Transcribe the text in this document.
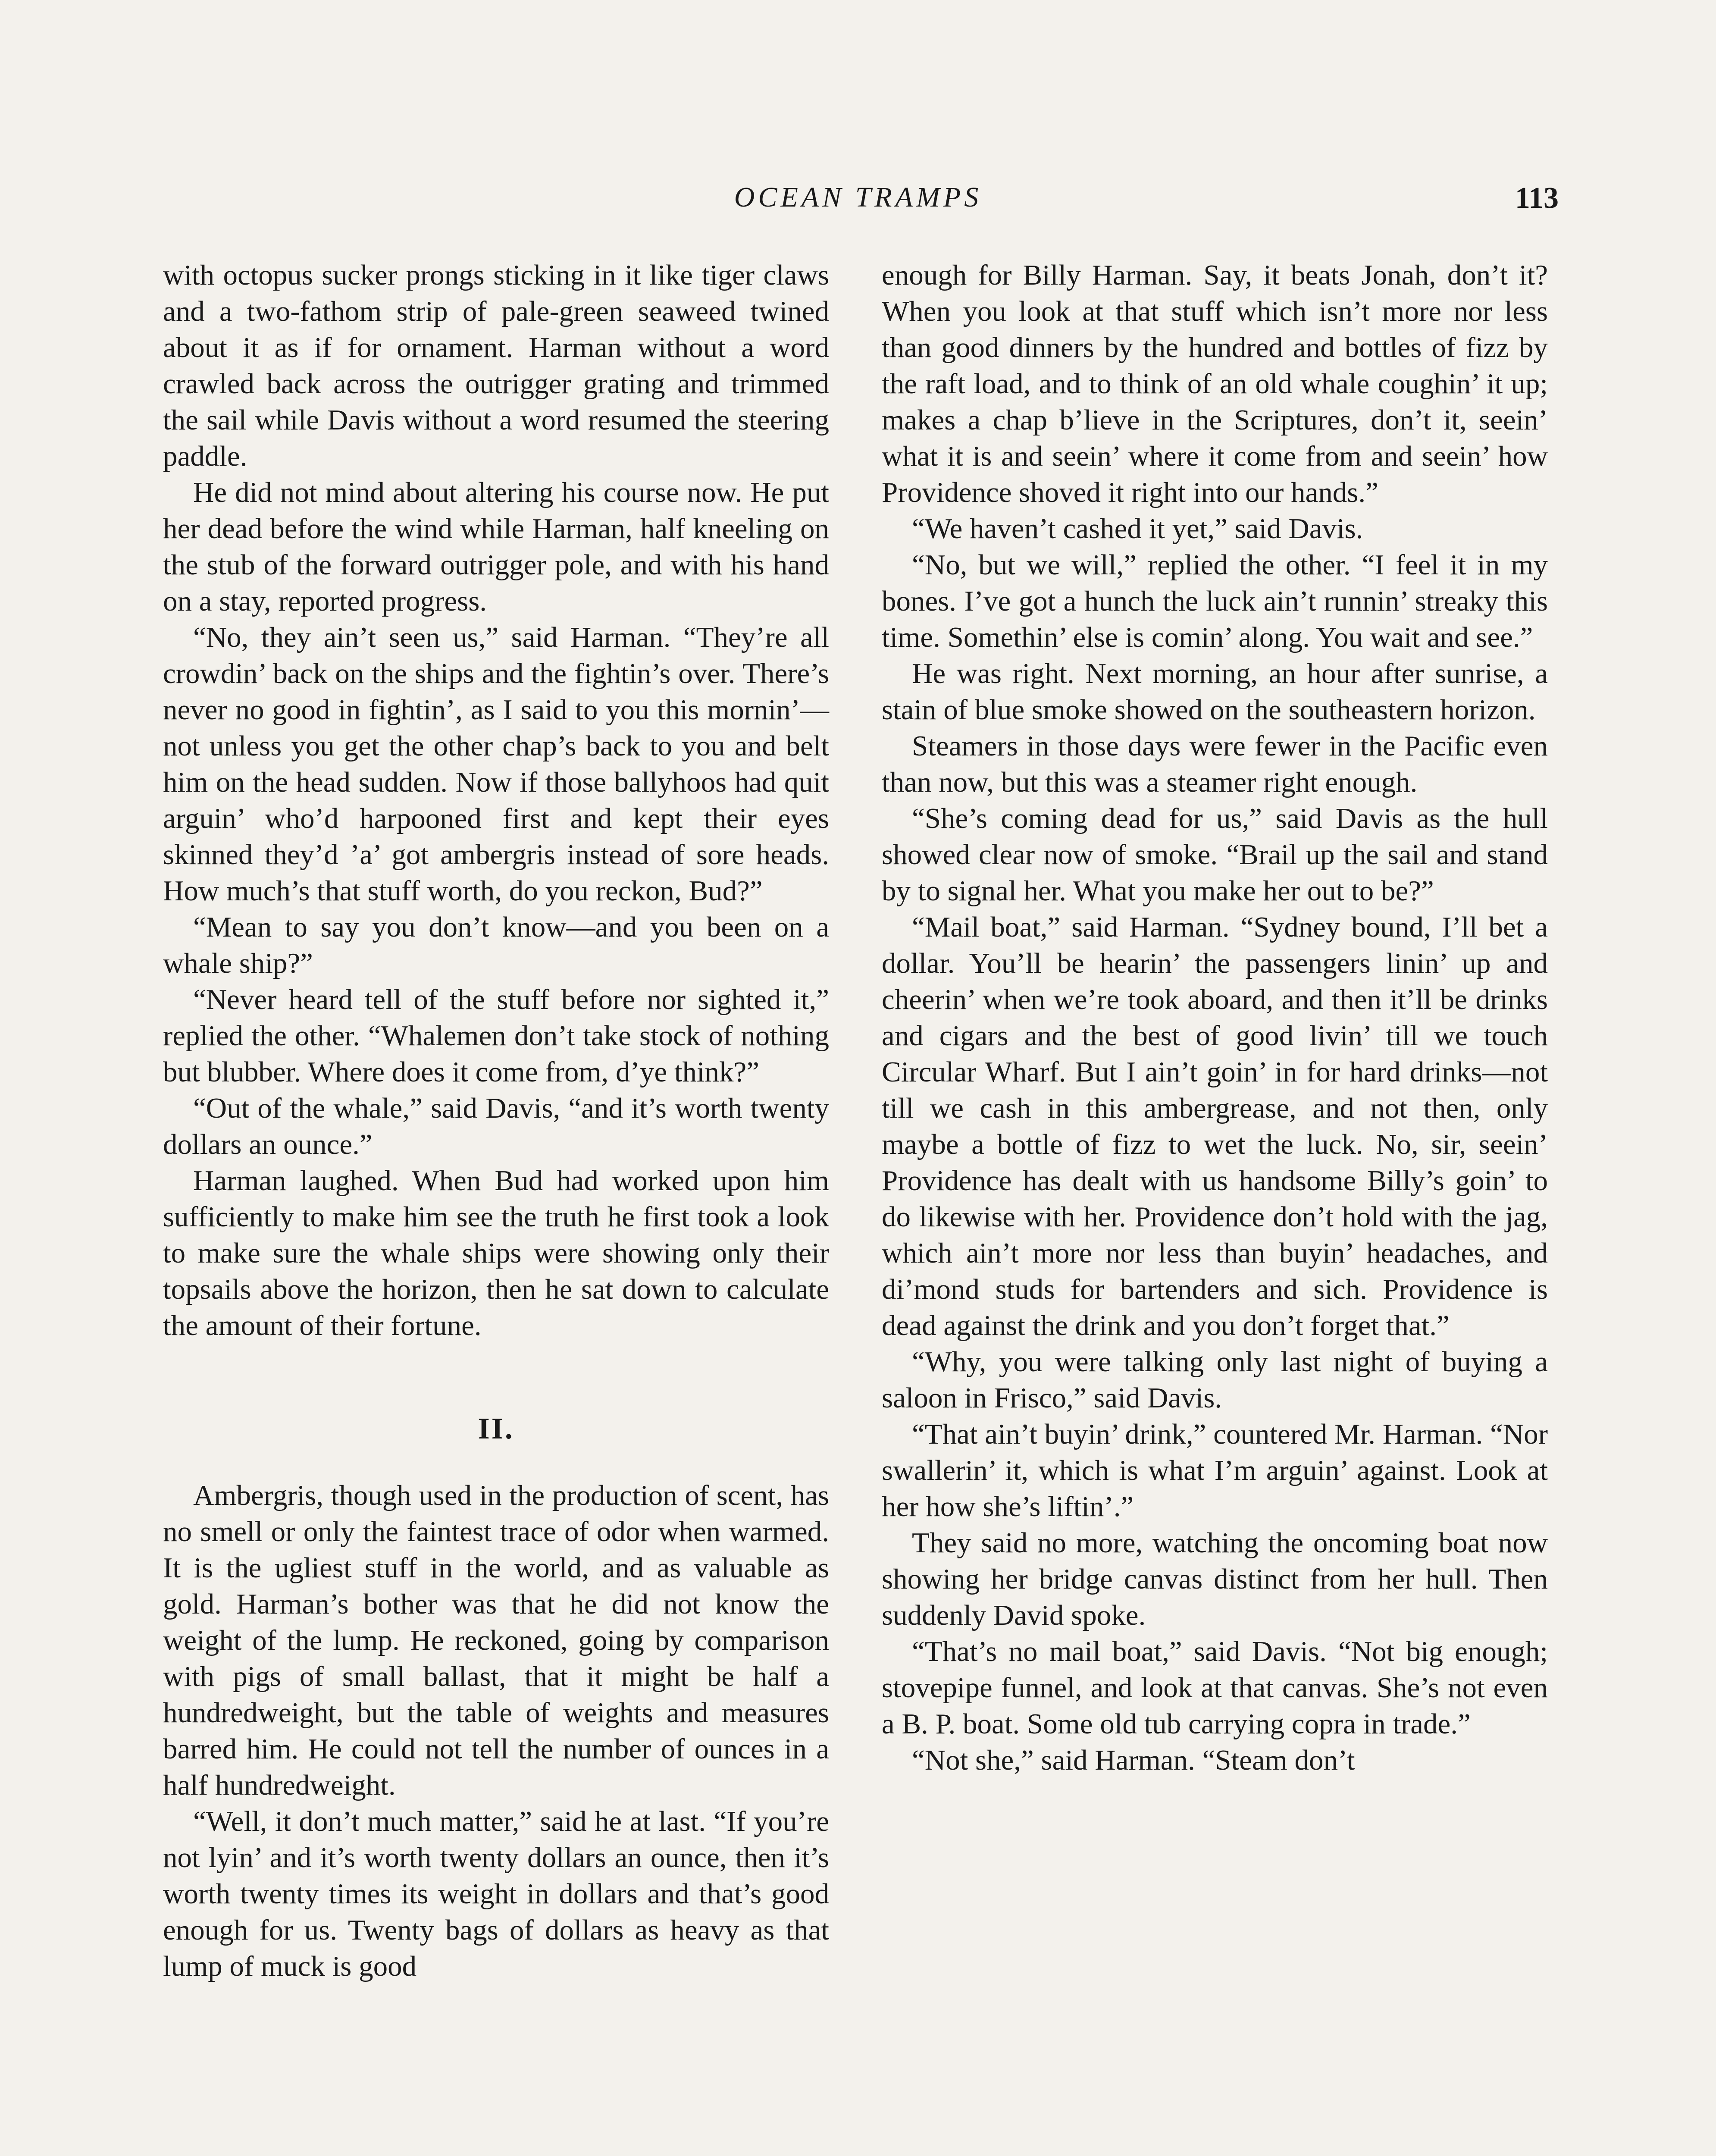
OCEAN TRAMPS	113

with octopus sucker prongs sticking in it like tiger claws and a two-fathom strip of pale-green seaweed twined about it as if for ornament. Harman without a word crawled back across the outrigger grating and trimmed the sail while Davis without a word resumed the steering paddle.

He did not mind about altering his course now. He put her dead before the wind while Harman, half kneeling on the stub of the forward outrigger pole, and with his hand on a stay, reported progress.

“No, they ain’t seen us,” said Harman. “They’re all crowdin’ back on the ships and the fightin’s over. There’s never no good in fightin’, as I said to you this mornin’—not unless you get the other chap’s back to you and belt him on the head sudden. Now if those ballyhoos had quit arguin’ who’d harpooned first and kept their eyes skinned they’d ’a’ got ambergris instead of sore heads. How much’s that stuff worth, do you reckon, Bud?”

“Mean to say you don’t know—and you been on a whale ship?”

“Never heard tell of the stuff before nor sighted it,” replied the other. “Whalemen don’t take stock of nothing but blubber. Where does it come from, d’ye think?”

“Out of the whale,” said Davis, “and it’s worth twenty dollars an ounce.”

Harman laughed. When Bud had worked upon him sufficiently to make him see the truth he first took a look to make sure the whale ships were showing only their topsails above the horizon, then he sat down to calculate the amount of their fortune.

II.

Ambergris, though used in the production of scent, has no smell or only the faintest trace of odor when warmed. It is the ugliest stuff in the world, and as valuable as gold. Harman’s bother was that he did not know the weight of the lump. He reckoned, going by comparison with pigs of small ballast, that it might be half a hundredweight, but the table of weights and measures barred him. He could not tell the number of ounces in a half hundredweight.

“Well, it don’t much matter,” said he at last. “If you’re not lyin’ and it’s worth twenty dollars an ounce, then it’s worth twenty times its weight in dollars and that’s good enough for us. Twenty bags of dollars as heavy as that lump of muck is good

enough for Billy Harman. Say, it beats Jonah, don’t it? When you look at that stuff which isn’t more nor less than good dinners by the hundred and bottles of fizz by the raft load, and to think of an old whale coughin’ it up; makes a chap b’lieve in the Scriptures, don’t it, seein’ what it is and seein’ where it come from and seein’ how Providence shoved it right into our hands.”

“We haven’t cashed it yet,” said Davis.

“No, but we will,” replied the other. “I feel it in my bones. I’ve got a hunch the luck ain’t runnin’ streaky this time. Somethin’ else is comin’ along. You wait and see.”

He was right. Next morning, an hour after sunrise, a stain of blue smoke showed on the southeastern horizon.

Steamers in those days were fewer in the Pacific even than now, but this was a steamer right enough.

“She’s coming dead for us,” said Davis as the hull showed clear now of smoke. “Brail up the sail and stand by to signal her. What you make her out to be?”

“Mail boat,” said Harman. “Sydney bound, I’ll bet a dollar. You’ll be hearin’ the passengers linin’ up and cheerin’ when we’re took aboard, and then it’ll be drinks and cigars and the best of good livin’ till we touch Circular Wharf. But I ain’t goin’ in for hard drinks—not till we cash in this ambergrease, and not then, only maybe a bottle of fizz to wet the luck. No, sir, seein’ Providence has dealt with us handsome Billy’s goin’ to do likewise with her. Providence don’t hold with the jag, which ain’t more nor less than buyin’ headaches, and di’mond studs for bartenders and sich. Providence is dead against the drink and you don’t forget that.”

“Why, you were talking only last night of buying a saloon in Frisco,” said Davis.

“That ain’t buyin’ drink,” countered Mr. Harman. “Nor swallerin’ it, which is what I’m arguin’ against. Look at her how she’s liftin’.”

They said no more, watching the oncoming boat now showing her bridge canvas distinct from her hull. Then suddenly David spoke.

“That’s no mail boat,” said Davis. “Not big enough; stovepipe funnel, and look at that canvas. She’s not even a B. P. boat. Some old tub carrying copra in trade.”

“Not she,” said Harman. “Steam don’t
